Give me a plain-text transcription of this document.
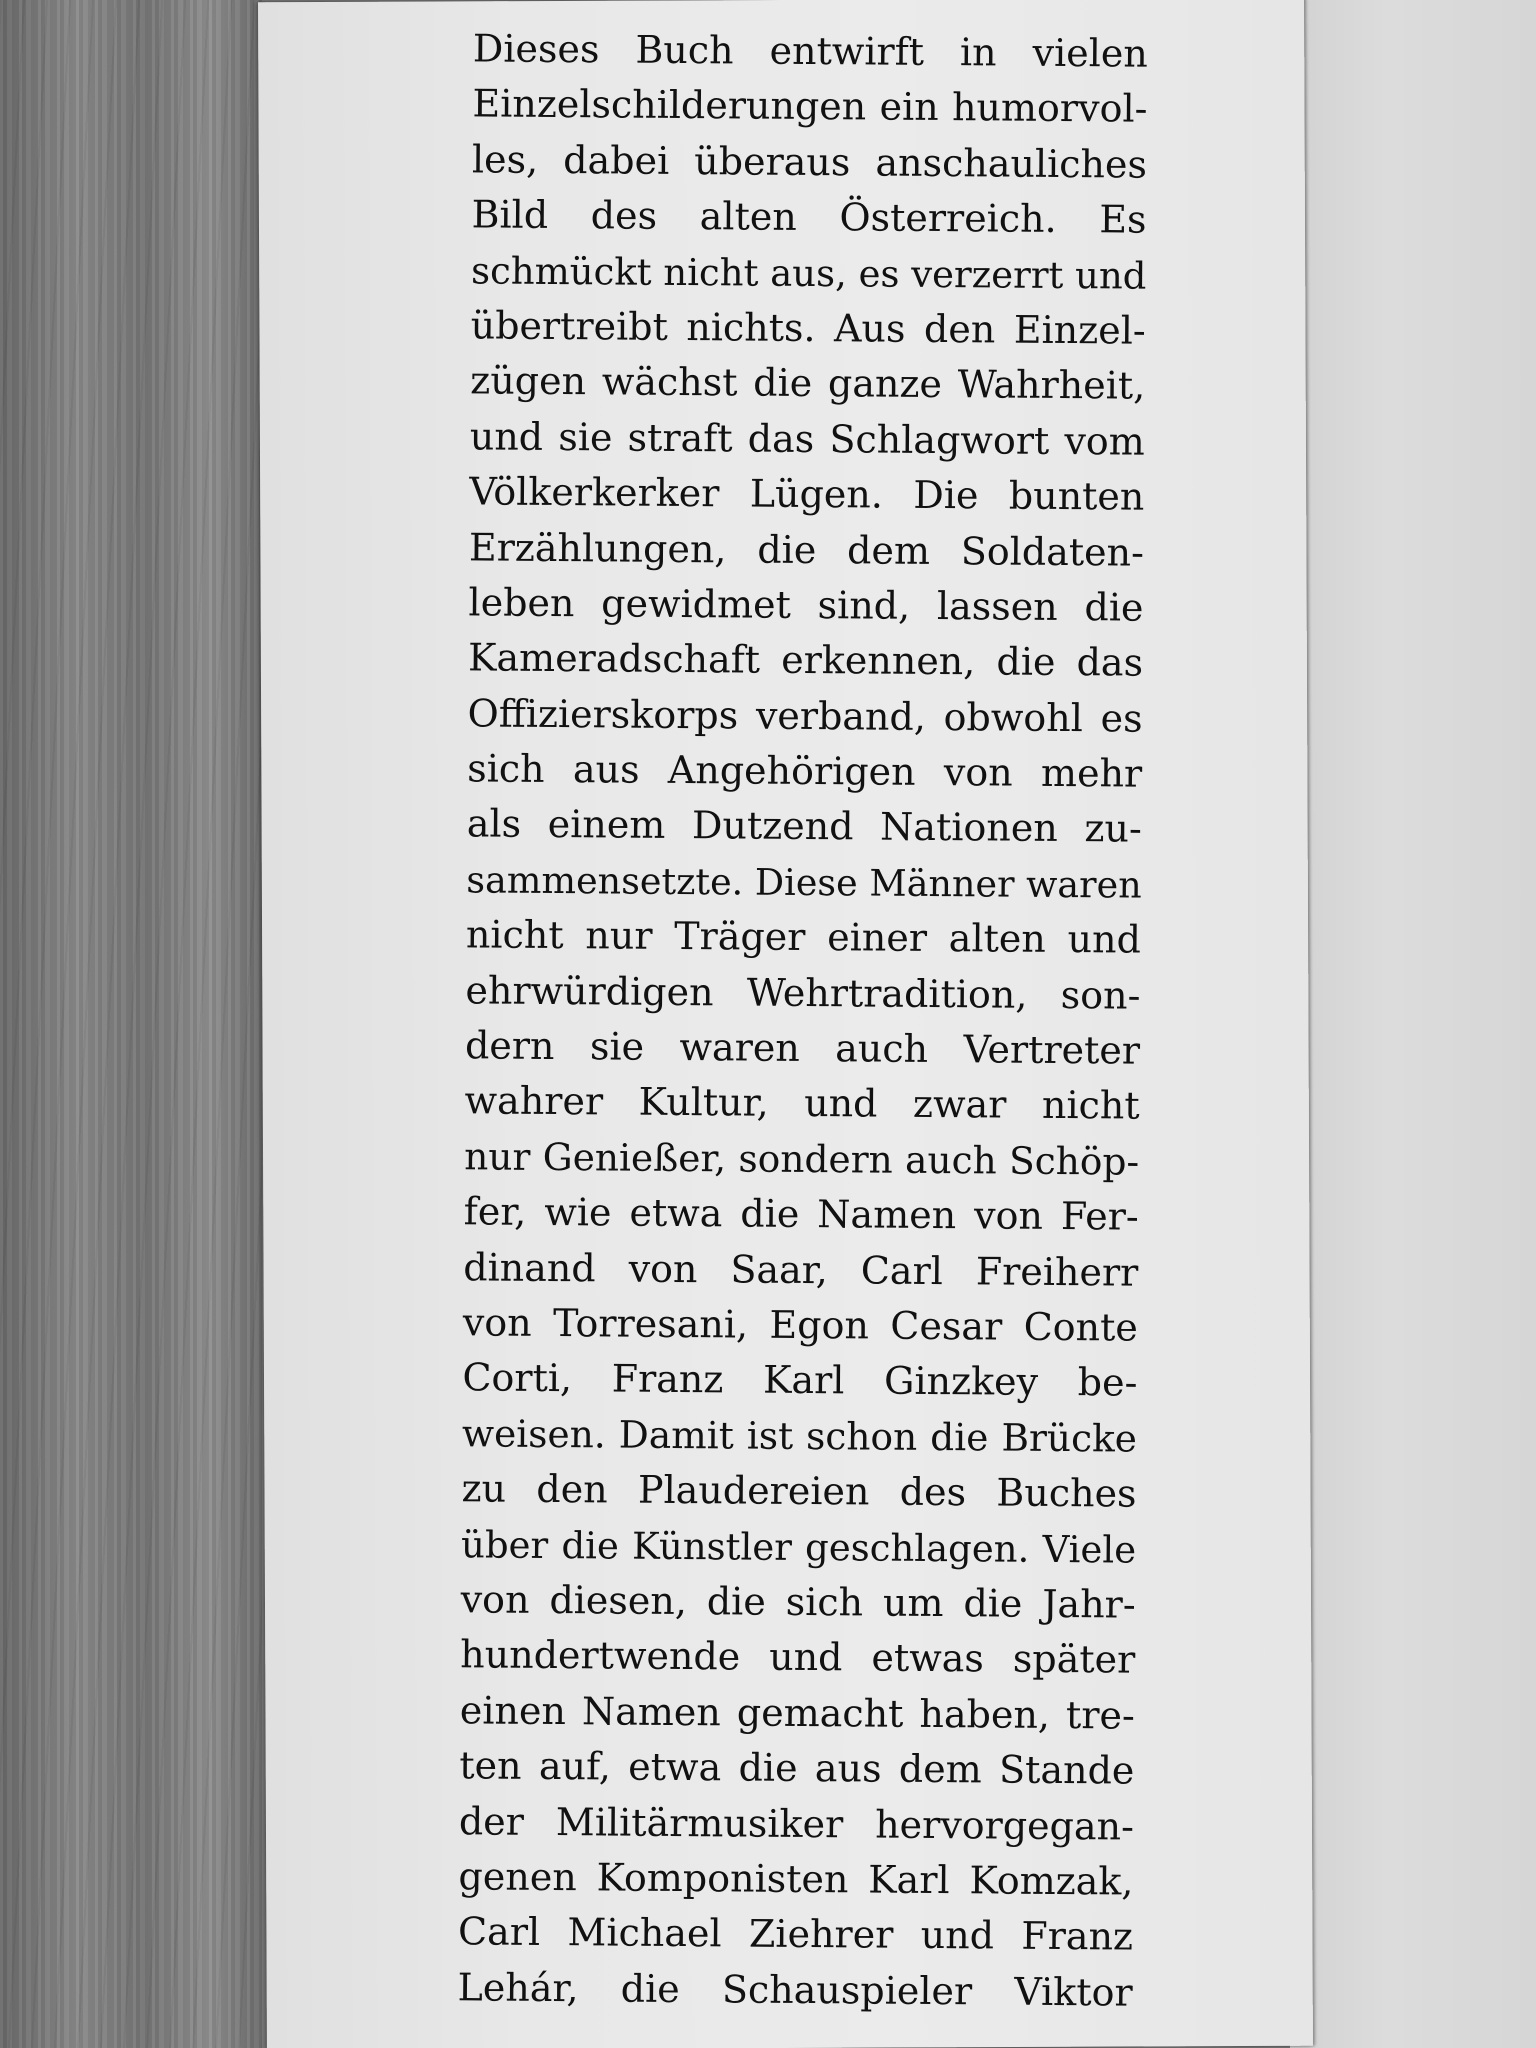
Dieses Buch entwirft in vielen
Einzelschilderungen ein humorvol-
les, dabei überaus anschauliches
Bild des alten Österreich. Es
schmückt nicht aus, es verzerrt und
übertreibt nichts. Aus den Einzel-
zügen wächst die ganze Wahrheit,
und sie straft das Schlagwort vom
Völkerkerker Lügen. Die bunten
Erzählungen, die dem Soldaten-
leben gewidmet sind, lassen die
Kameradschaft erkennen, die das
Offizierskorps verband, obwohl es
sich aus Angehörigen von mehr
als einem Dutzend Nationen zu-
sammensetzte. Diese Männer waren
nicht nur Träger einer alten und
ehrwürdigen Wehrtradition, son-
dern sie waren auch Vertreter
wahrer Kultur, und zwar nicht
nur Genießer, sondern auch Schöp-
fer, wie etwa die Namen von Fer-
dinand von Saar, Carl Freiherr
von Torresani, Egon Cesar Conte
Corti, Franz Karl Ginzkey be-
weisen. Damit ist schon die Brücke
zu den Plaudereien des Buches
über die Künstler geschlagen. Viele
von diesen, die sich um die Jahr-
hundertwende und etwas später
einen Namen gemacht haben, tre-
ten auf, etwa die aus dem Stande
der Militärmusiker hervorgegan-
genen Komponisten Karl Komzak,
Carl Michael Ziehrer und Franz
Lehár, die Schauspieler Viktor
